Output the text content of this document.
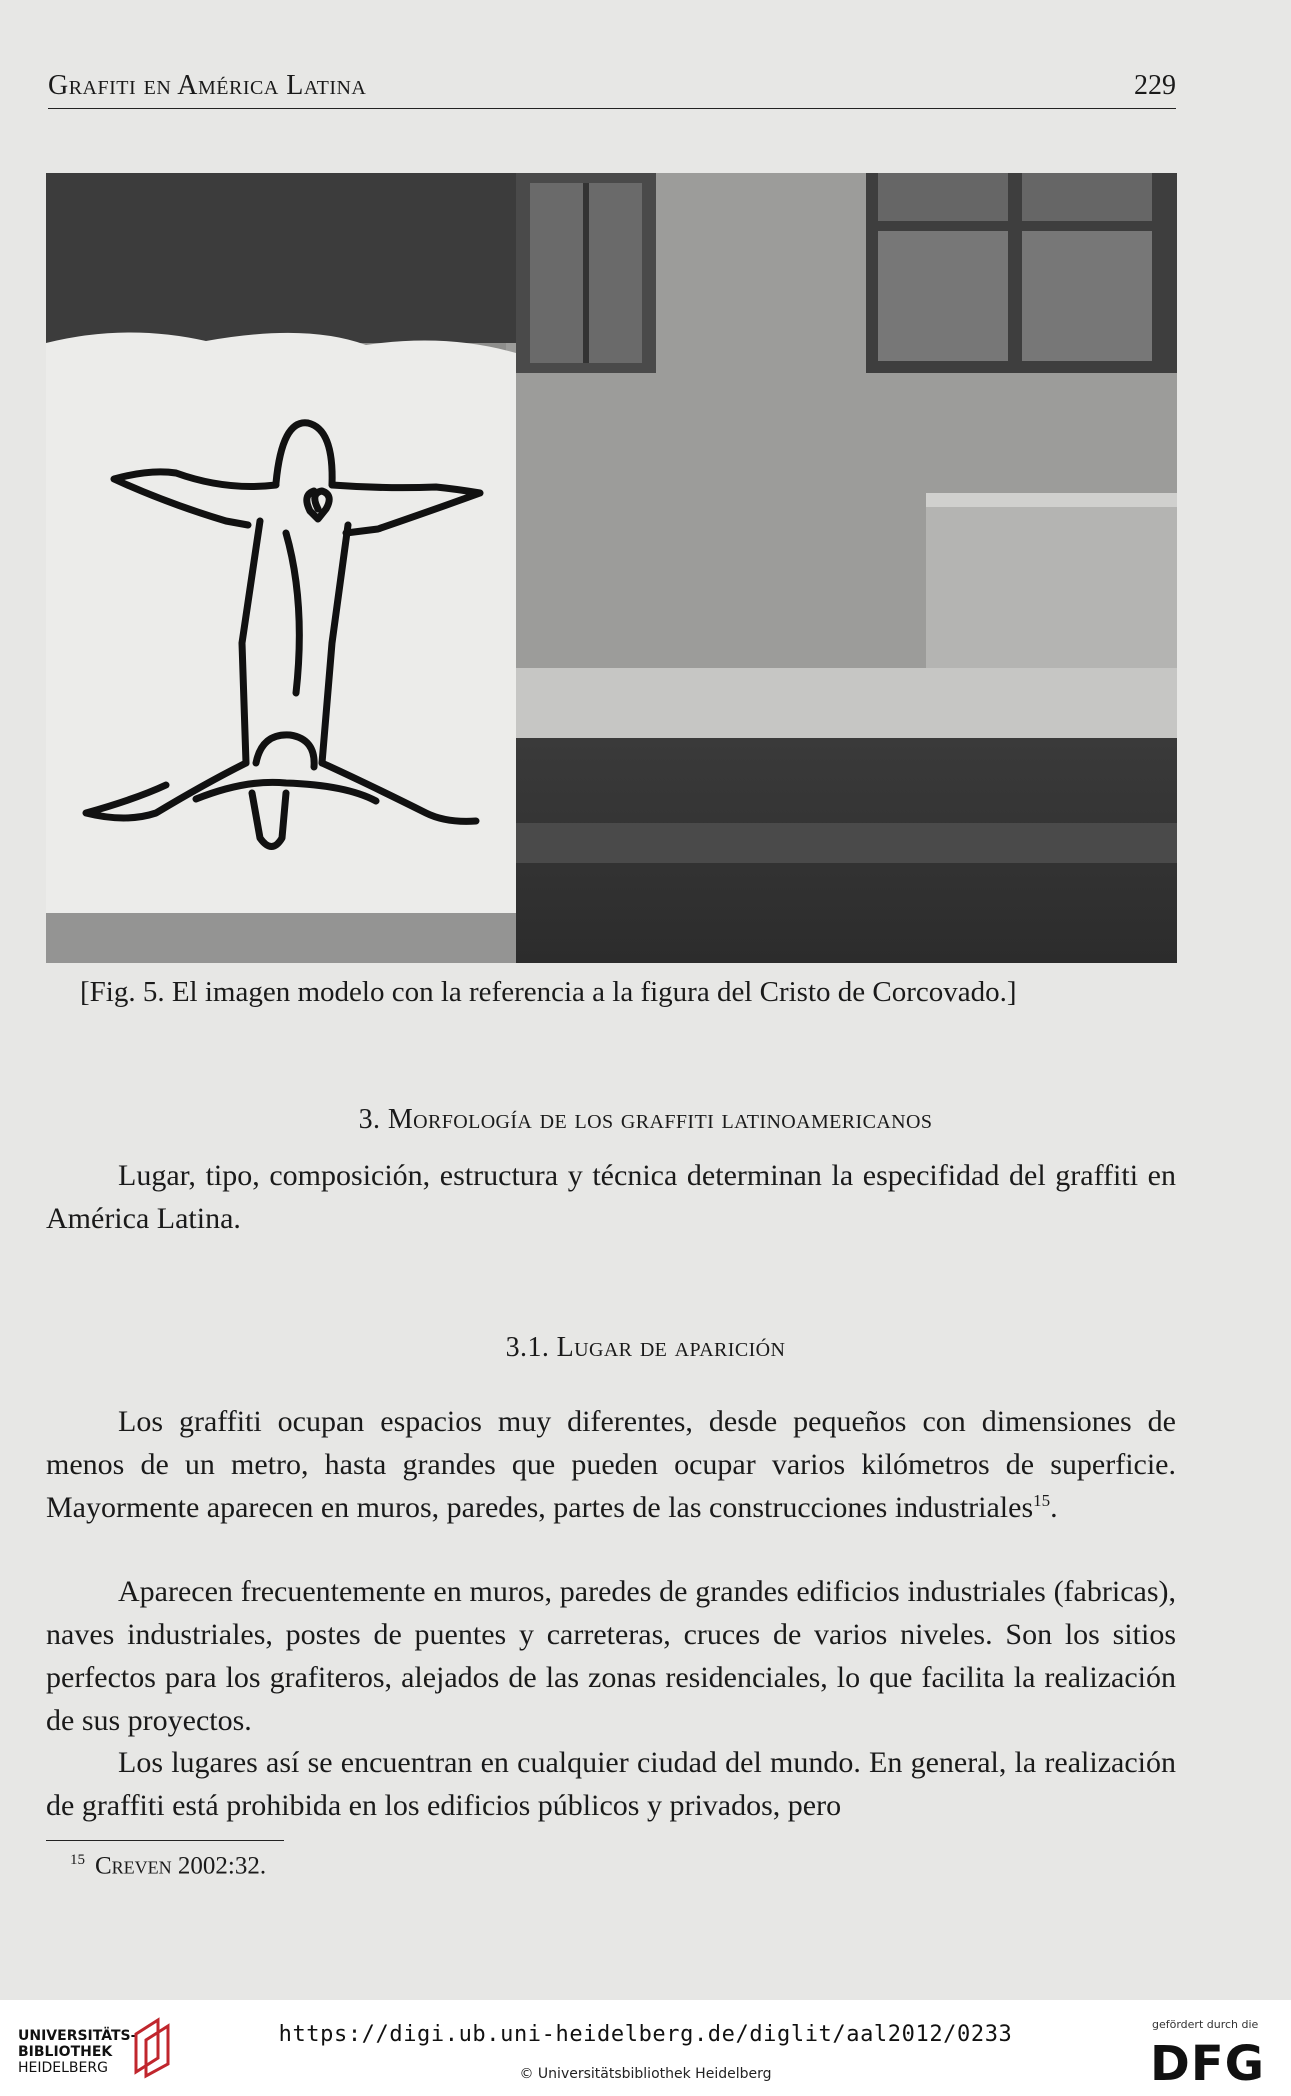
Grafiti en América Latina	229
[Fig. 5. El imagen modelo con la referencia a la figura del Cristo de Corcovado.]
3. Morfología de los graffiti latinoamericanos

Lugar, tipo, composición, estructura y técnica determinan la especifidad del graffiti en América Latina.

3.1. Lugar de aparición

Los graffiti ocupan espacios muy diferentes, desde pequeños con dimensiones de menos de un metro, hasta grandes que pueden ocupar varios kilómetros de superficie. Mayormente aparecen en muros, paredes, partes de las construcciones industriales$^{15}$.

Aparecen frecuentemente en muros, paredes de grandes edificios industriales (fabricas), naves industriales, postes de puentes y carreteras, cruces de varios niveles. Son los sitios perfectos para los grafiteros, alejados de las zonas residenciales, lo que facilita la realización de sus proyectos.

Los lugares así se encuentran en cualquier ciudad del mundo. En general, la realización de graffiti está prohibida en los edificios públicos y privados, pero

$^{15}$ Creven 2002:32.
UNIVERSITÄTS-
BIBLIOTHEK
HEIDELBERG
https://digi.ub.uni-heidelberg.de/diglit/aal2012/0233
© Universitätsbibliothek Heidelberg
gefördert durch die
DFG
